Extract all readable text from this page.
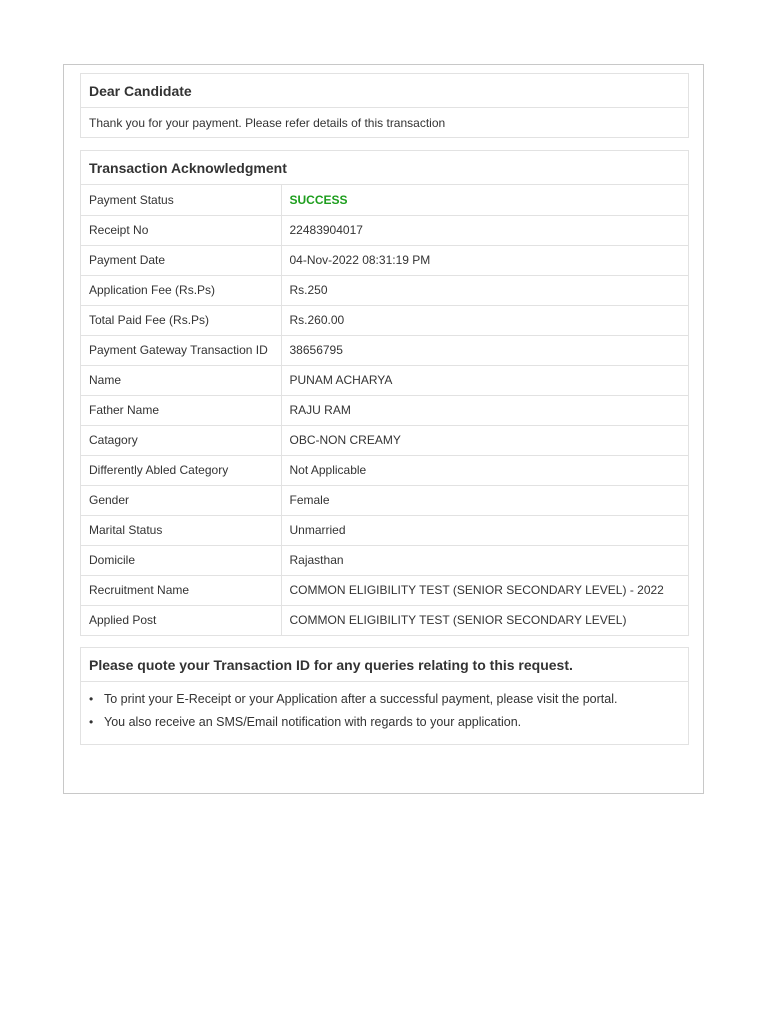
Dear Candidate
Thank you for your payment. Please refer details of this transaction
Transaction Acknowledgment
Payment Status	SUCCESS
Receipt No	22483904017
Payment Date	04-Nov-2022 08:31:19 PM
Application Fee (Rs.Ps)	Rs.250
Total Paid Fee (Rs.Ps)	Rs.260.00
Payment Gateway Transaction ID	38656795
Name	PUNAM ACHARYA
Father Name	RAJU RAM
Catagory	OBC-NON CREAMY
Differently Abled Category	Not Applicable
Gender	Female
Marital Status	Unmarried
Domicile	Rajasthan
Recruitment Name	COMMON ELIGIBILITY TEST (SENIOR SECONDARY LEVEL) - 2022
Applied Post	COMMON ELIGIBILITY TEST (SENIOR SECONDARY LEVEL)
Please quote your Transaction ID for any queries relating to this request.
• To print your E-Receipt or your Application after a successful payment, please visit the portal.
• You also receive an SMS/Email notification with regards to your application.
